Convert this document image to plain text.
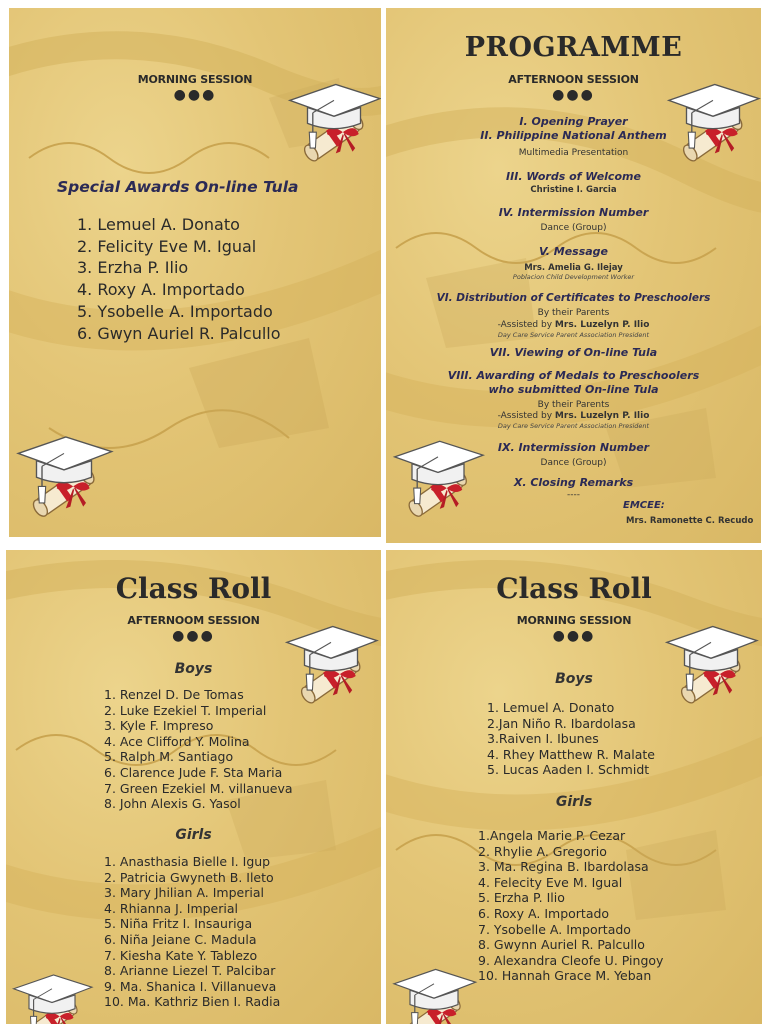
MORNING SESSION
●●●
Special Awards On-line Tula
1. Lemuel A. Donato
2. Felicity Eve M. Igual
3. Erzha P. Ilio
4. Roxy A. Importado
5. Ysobelle A. Importado
6. Gwyn Auriel R. Palcullo
PROGRAMME
AFTERNOON SESSION
●●●
I. Opening Prayer
II. Philippine National Anthem
Multimedia Presentation
III. Words of Welcome
Christine I. Garcia
IV. Intermission Number
Dance (Group)
V. Message
Mrs. Amelia G. Ilejay
Poblacion Child Development Worker
VI. Distribution of Certificates to Preschoolers
By their Parents
-Assisted by Mrs. Luzelyn P. Ilio
Day Care Service Parent Association President
VII. Viewing of On-line Tula
VIII. Awarding of Medals to Preschoolers
who submitted On-line Tula
By their Parents
-Assisted by Mrs. Luzelyn P. Ilio
Day Care Service Parent Association President
IX. Intermission Number
Dance (Group)
X. Closing Remarks
----
EMCEE:
Mrs. Ramonette C. Recudo
Class Roll
AFTERNOOM SESSION
●●●
Boys
1. Renzel D. De Tomas
2. Luke Ezekiel T. Imperial
3. Kyle F. Impreso
4. Ace Clifford Y. Molina
5. Ralph M. Santiago
6. Clarence Jude F. Sta Maria
7. Green Ezekiel M. villanueva
8. John Alexis G. Yasol
Girls
1. Anasthasia Bielle I. Igup
2. Patricia Gwyneth B. Ileto
3. Mary Jhilian A. Imperial
4. Rhianna J. Imperial
5. Niña Fritz I. Insauriga
6. Niña Jeiane C. Madula
7. Kiesha Kate Y. Tablezo
8. Arianne Liezel T. Palcibar
9. Ma. Shanica I. Villanueva
10. Ma. Kathriz Bien I. Radia
Class Roll
MORNING SESSION
●●●
Boys
1. Lemuel A. Donato
2.Jan Niño R. Ibardolasa
3.Raiven I. Ibunes
4. Rhey Matthew R. Malate
5. Lucas Aaden I. Schmidt
Girls
1.Angela Marie P. Cezar
2. Rhylie A. Gregorio
3. Ma. Regina B. Ibardolasa
4. Felecity Eve M. Igual
5. Erzha P. Ilio
6. Roxy A. Importado
7. Ysobelle A. Importado
8. Gwynn Auriel R. Palcullo
9. Alexandra Cleofe U. Pingoy
10. Hannah Grace M. Yeban
